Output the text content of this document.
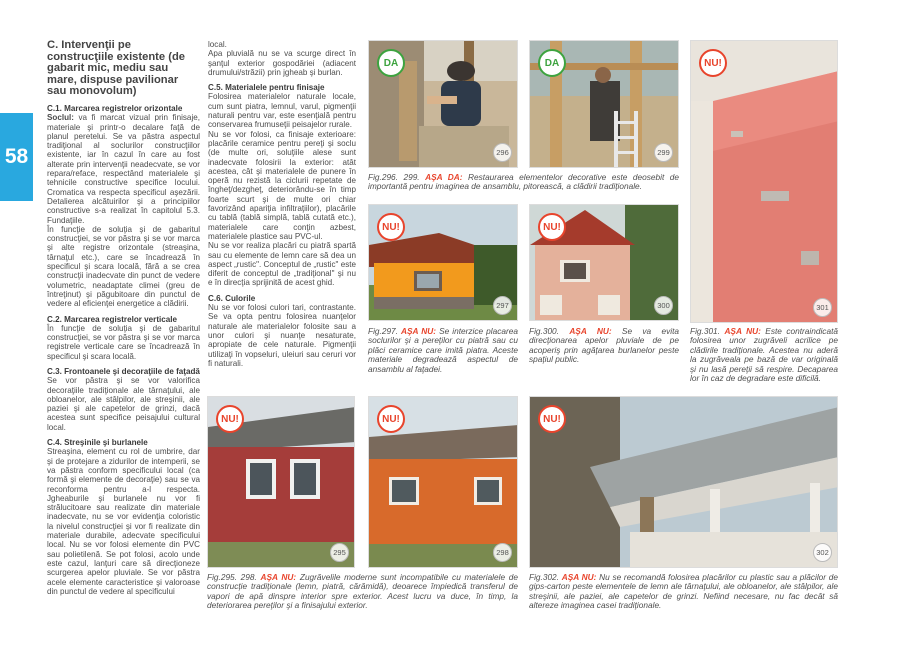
58
C. Intervenţii pe construcţiile existente (de gabarit mic, mediu sau mare, dispuse pavilionar sau monovolum)
C.1. Marcarea registrelor orizontale

Soclul: va fi marcat vizual prin finisaje, materiale şi printr-o decalare faţă de planul peretelui. Se va păstra aspectul tradiţional al soclurilor construcţiilor existente, iar în cazul în care au fost alterate prin intervenţii neadecvate, se vor repara/reface, respectând materialele şi tehnicile constructive specifice locului. Cromatica va respecta specificul aşezării. Detalierea alcătuirilor şi a principiilor constructive s-a realizat în capitolul 5.3. Fundaţiile.

În funcţie de soluţia şi de gabaritul construcţiei, se vor păstra şi se vor marca şi alte registre orizontale (streaşina, târnaţul etc.), care se încadrează în specificul şi scara locală, fără a se crea construcţii inadecvate din punct de vedere volumetric, neadaptate climei (greu de întreţinut) şi păgubitoare din punctul de vedere al eficienţei energetice a clădirii.

C.2. Marcarea registrelor verticale

În funcţie de soluţia şi de gabaritul construcţiei, se vor păstra şi se vor marca registrele verticale care se încadrează în specificul şi scara locală.

C.3. Frontoanele şi decoraţiile de faţadă

Se vor păstra şi se vor valorifica decoraţiile tradiţionale ale târnaţului, ale obloanelor, ale stâlpilor, ale streşinii, ale paziei şi ale capetelor de grinzi, dacă acestea sunt specifice peisajului cultural local.

C.4. Streşinile şi burlanele

Streaşina, element cu rol de umbrire, dar şi de protejare a zidurilor de intemperii, se va păstra conform specificului local (ca formă şi elemente de decoraţie) sau se va reconforma pentru a-l respecta. Jgheaburile şi burlanele nu vor fi strălucitoare sau realizate din materiale inadecvate, nu se vor evidenţia coloristic la nivelul construcţiei şi vor fi realizate din materiale durabile, adecvate specificului local. Nu se vor folosi elemente din PVC sau polietilenă. Se pot folosi, acolo unde este cazul, lanţuri care să direcţioneze scurgerea apelor pluviale. Se vor păstra acele elemente caracteristice şi valoroase din punctul de vedere al specificului

local.

Apa pluvială nu se va scurge direct în şanţul exterior gospodăriei (adiacent drumului/străzii) prin jgheab şi burlan.

C.5. Materialele pentru finisaje

Folosirea materialelor naturale locale, cum sunt piatra, lemnul, varul, pigmenţii naturali pentru var, este esenţială pentru conservarea frumuseţii peisajelor rurale.

Nu se vor folosi, ca finisaje exterioare: placările ceramice pentru pereţi şi soclu (de multe ori, soluţiile alese sunt inadecvate folosirii la exterior: atât acestea, cât şi materialele de punere în operă nu rezistă la ciclurii repetate de îngheţ/dezgheţ, deteriorându-se în timp foarte scurt şi de multe ori chiar favorizând apariţia infiltraţiilor), placările cu tablă (tablă simplă, tablă cutată etc.), materialele care conţin azbest, materialele plastice sau PVC-ul.

Nu se vor realiza placări cu piatră spartă sau cu elemente de lemn care să dea un aspect „rustic". Conceptul de „rustic" este diferit de conceptul de „tradiţional" şi nu e în direcţia sprijinită de acest ghid.

C.6. Culorile

Nu se vor folosi culori tari, contrastante. Se va opta pentru folosirea nuanţelor naturale ale materialelor folosite sau a unor culori şi nuanţe nesaturate, apropiate de cele naturale. Pigmenţii utilizaţi în vopseluri, uleiuri sau ceruri vor fi naturali.

DA
296
DA
299
NU!
301
NU!
297
NU!
300
NU!
295
NU!
298
NU!
302
Fig.296. 299. AŞA DA: Restaurarea elementelor decorative este deosebit de importantă pentru imaginea de ansamblu, pitorească, a clădirii tradiţionale.
Fig.297. AŞA NU: Se interzice placarea soclurilor şi a pereţilor cu piatră sau cu plăci ceramice care imită piatra. Aceste materiale degradează aspectul de ansamblu al faţadei.
Fig.300. AŞA NU: Se va evita direcţionarea apelor pluviale de pe acoperiş prin agăţarea burlanelor peste spaţiul public.
Fig.301. AŞA NU: Este contraindicată folosirea unor zugrăveli acrilice pe clădirile tradiţionale. Acestea nu aderă la zugrăveala pe bază de var originală şi nu lasă pereţii să respire. Decaparea lor în caz de degradare este dificilă.
Fig.295. 298. AŞA NU: Zugrăvelile moderne sunt incompatibile cu materialele de construcţie tradiţionale (lemn, piatră, cărămidă), deoarece împiedică transferul de vapori de apă dinspre interior spre exterior. Acest lucru va duce, în timp, la deteriorarea pereţilor şi a finisajului exterior.
Fig.302. AŞA NU: Nu se recomandă folosirea placărilor cu plastic sau a plăcilor de gips-carton peste elementele de lemn ale târnaţului, ale obloanelor, ale stâlpilor, ale streşinii, ale paziei, ale capetelor de grinzi. Nefiind necesare, nu fac decât să altereze imaginea casei tradiţionale.
